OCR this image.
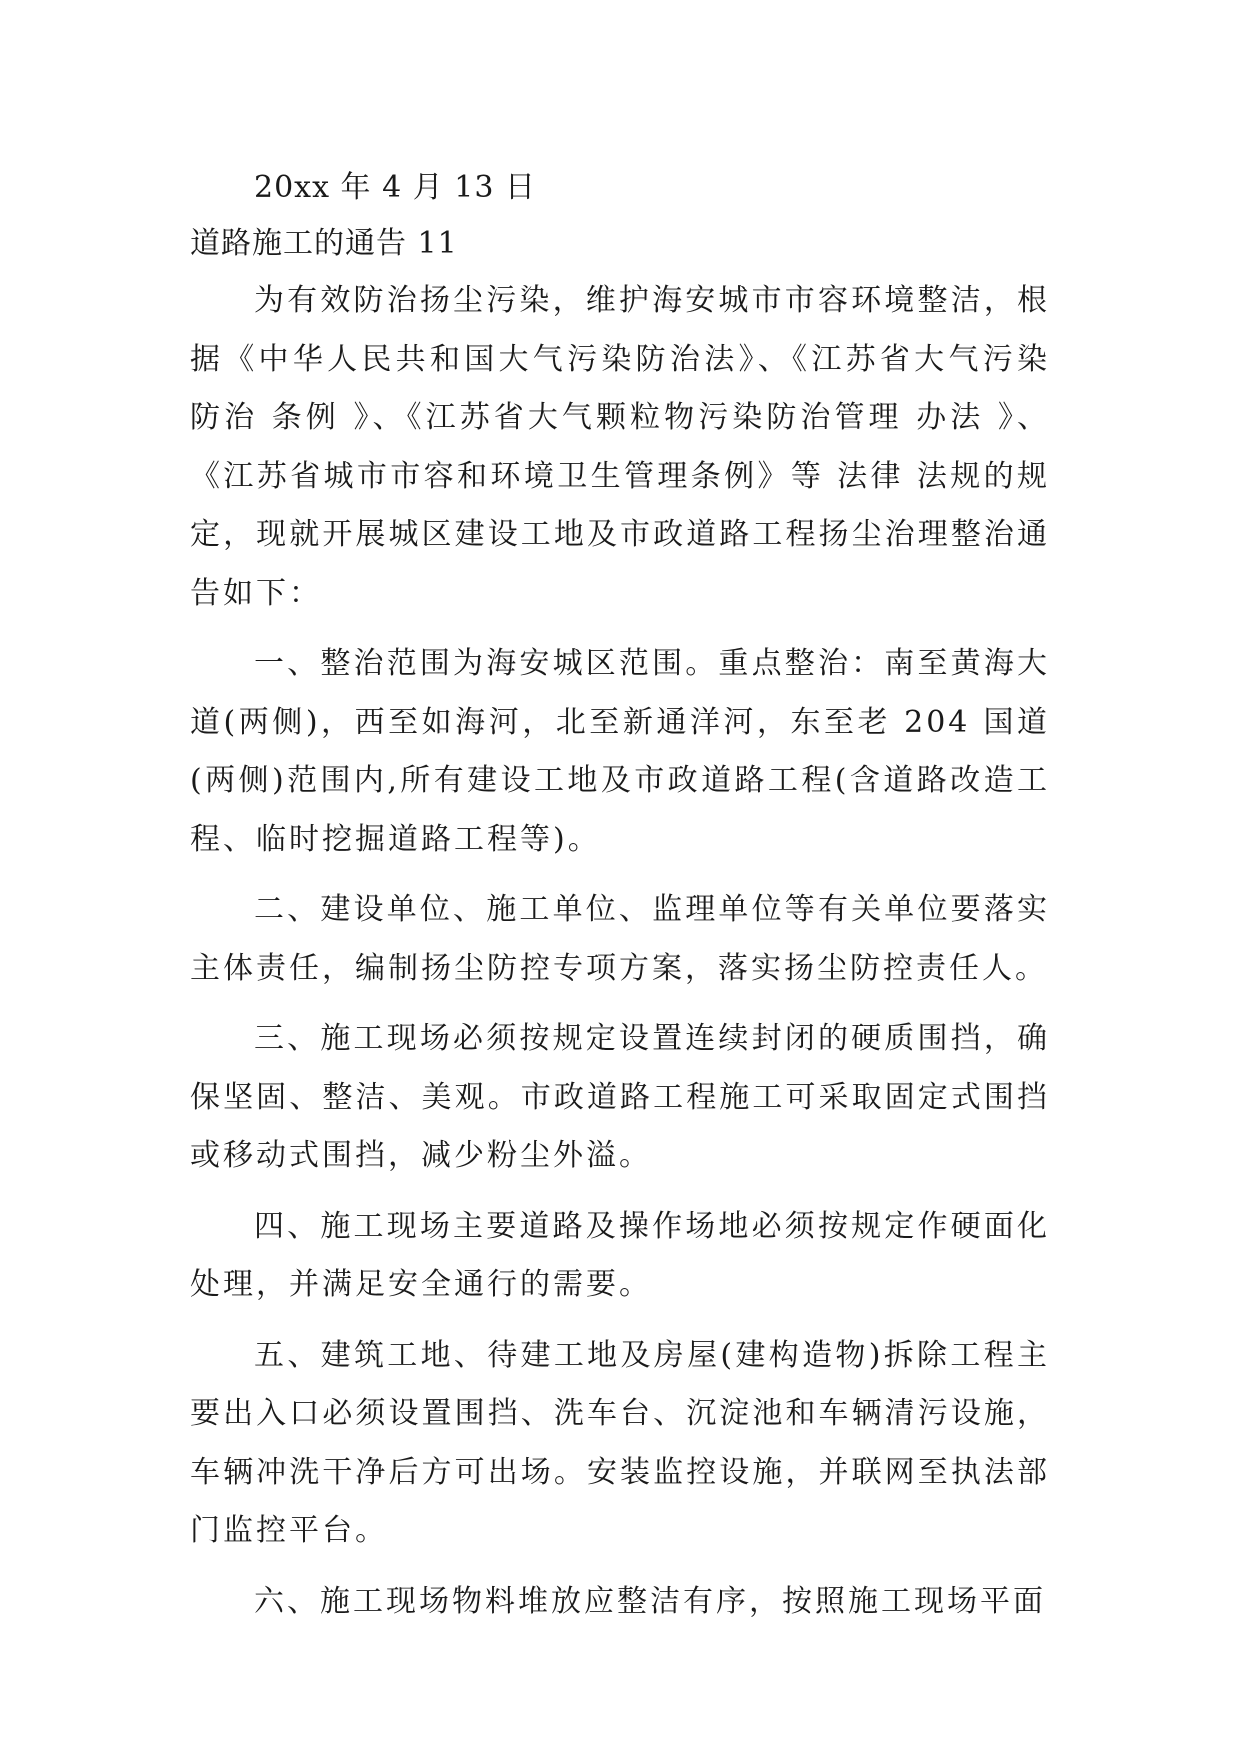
20xx 年 4 月 13 日

道路施工的通告 11

为有效防治扬尘污染，维护海安城市市容环境整洁，根据《中华人民共和国大气污染防治法》、《江苏省大气污染防治 条例 》、《江苏省大气颗粒物污染防治管理 办法 》、《江苏省城市市容和环境卫生管理条例》等 法律 法规的规定，现就开展城区建设工地及市政道路工程扬尘治理整治通告如下：

一、整治范围为海安城区范围。重点整治：南至黄海大道(两侧)，西至如海河，北至新通洋河，东至老 204 国道(两侧)范围内,所有建设工地及市政道路工程(含道路改造工程、临时挖掘道路工程等)。

二、建设单位、施工单位、监理单位等有关单位要落实主体责任，编制扬尘防控专项方案，落实扬尘防控责任人。

三、施工现场必须按规定设置连续封闭的硬质围挡，确保坚固、整洁、美观。市政道路工程施工可采取固定式围挡或移动式围挡，减少粉尘外溢。

四、施工现场主要道路及操作场地必须按规定作硬面化处理，并满足安全通行的需要。

五、建筑工地、待建工地及房屋(建构造物)拆除工程主要出入口必须设置围挡、洗车台、沉淀池和车辆清污设施，车辆冲洗干净后方可出场。安装监控设施，并联网至执法部门监控平台。

六、施工现场物料堆放应整洁有序，按照施工现场平面
